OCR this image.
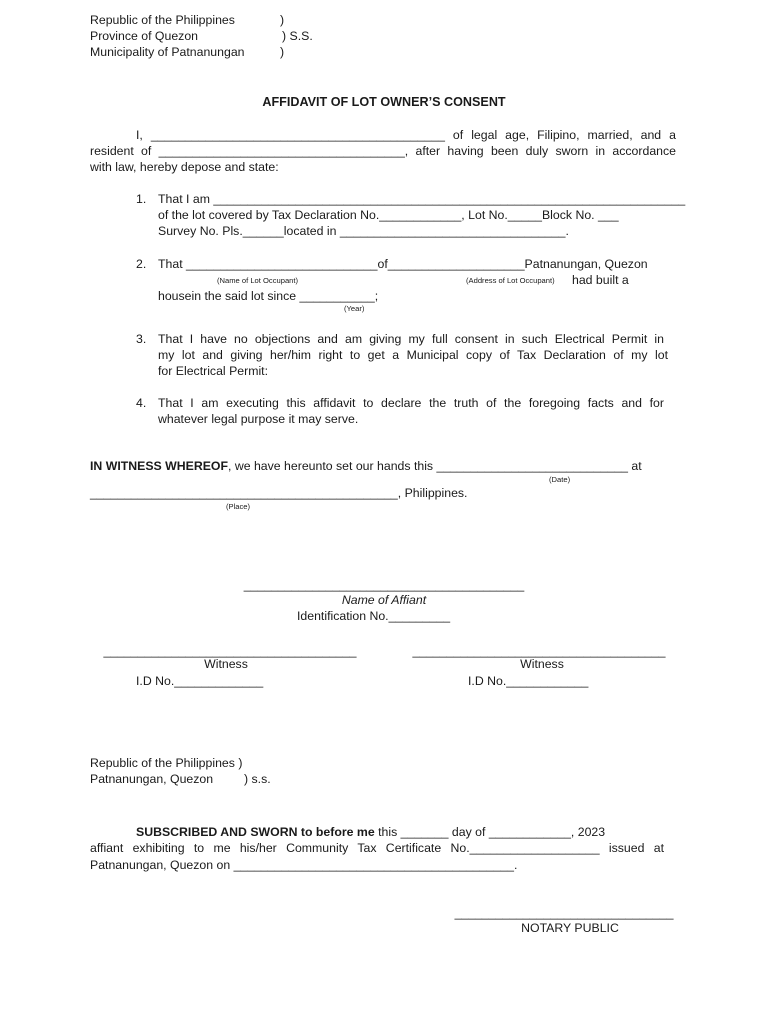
Republic of the Philippines	)
Province of Quezon	) S.S.
Municipality of Patnanungan	)
AFFIDAVIT OF LOT OWNER’S CONSENT
I, ___________________________________________ of legal age, Filipino, married, and a
resident of ____________________________________, after having been duly sworn in accordance
with law, hereby depose and state:
1. That I am _____________________________________________________________________
of the lot covered by Tax Declaration No.____________, Lot No._____Block No. ___
Survey No. Pls.______located in _________________________________.
2. That ____________________________of____________________Patnanungan, Quezon
(Name of Lot Occupant)	(Address of Lot Occupant) had built a
housein the said lot since ___________;
(Year)
3. That I have no objections and am giving my full consent in such Electrical Permit in
my lot and giving her/him right to get a Municipal copy of Tax Declaration of my lot
for Electrical Permit:
4. That I am executing this affidavit to declare the truth of the foregoing facts and for
whatever legal purpose it may serve.
IN WITNESS WHEREOF, we have hereunto set our hands this ____________________________ at
(Date)
_____________________________________________, Philippines.
(Place)
_________________________________________
Name of Affiant
Identification No._________
_____________________________________
Witness
I.D No._____________
_____________________________________
Witness
I.D No.____________
Republic of the Philippines )
Patnanungan, Quezon	) s.s.
SUBSCRIBED AND SWORN to before me this _______ day of ____________, 2023
affiant exhibiting to me his/her Community Tax Certificate No.___________________ issued at
Patnanungan, Quezon on _________________________________________.
________________________________
NOTARY PUBLIC
